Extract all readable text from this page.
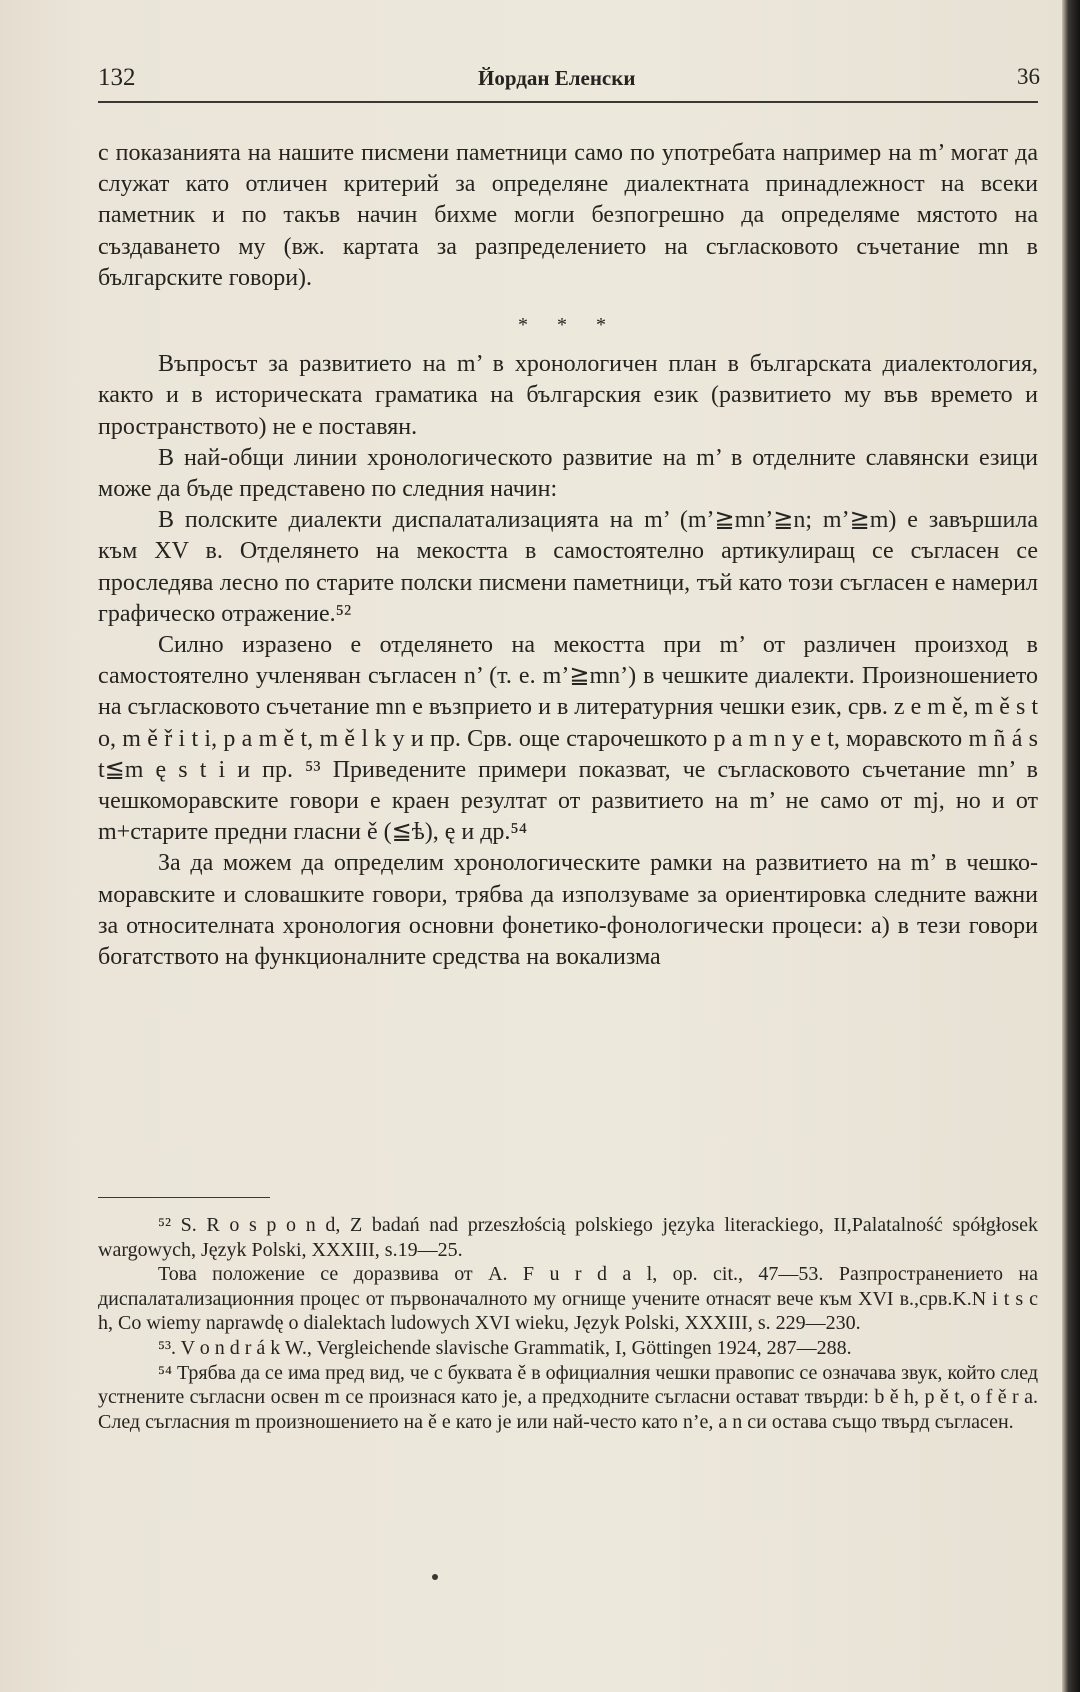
132	Йордан Еленски	36

с показанията на нашите писмени паметници само по употребата например на m’ могат да служат като отличен критерий за определяне диалектната принадлежност на всеки паметник и по такъв начин бихме могли безпогрешно да определяме мястото на създаването му (вж. картата за разпределението на съгласковото съчетание mn в българските говори).

* * *

Въпросът за развитието на m’ в хронологичен план в българската диалектология, както и в историческата граматика на българския език (развитието му във времето и пространството) не е поставян.

В най-общи линии хронологическото развитие на m’ в отделните славянски езици може да бъде представено по следния начин:

В полските диалекти диспалатализацията на m’ (m’≧mn’≧n; m’≧m) е завършила към XV в. Отделянето на мекостта в самостоятелно артикулиращ се съгласен се проследява лесно по старите полски писмени паметници, тъй като този съгласен е намерил графическо отражение.⁵²

Силно изразено е отделянето на мекостта при m’ от различен произход в самостоятелно учленяван съгласен n’ (т. е. m’≧mn’) в чешките диалекти. Произношението на съгласковото съчетание mn е възприето и в литературния чешки език, срв. z e m ě, m ě s t o, m ě ř i t i, p a m ě t, m ě l k y и пр. Срв. още старочешкото p a m n y e t, моравското m ñ á s t≦m ę s t i и пр. ⁵³ Приведените примери показват, че съгласковото съчетание mn’ в чешкоморавските говори е краен резултат от развитието на m’ не само от mj, но и от m+старите предни гласни ě (≦ѣ), ę и др.⁵⁴

За да можем да определим хронологическите рамки на развитието на m’ в чешко-моравските и словашките говори, трябва да използуваме за ориентировка следните важни за относителната хронология основни фонетико-фонологически процеси: а) в тези говори богатството на функционалните средства на вокализма

⁵² S. R o s p o n d, Z badań nad przeszłością polskiego języka literackiego, II,Palatalność spółgłosek wargowych, Język Polski, XXXIII, s.19—25.

Това положение се доразвива от A. F u r d a l, op. cit., 47—53. Разпространението на диспалатализационния процес от първоначалното му огнище учените отнасят вече към XVI в.,срв.K.N i t s c h, Co wiemy naprawdę o dialektach ludowych XVI wieku, Język Polski, XXXIII, s. 229—230.

⁵³. V o n d r á k W., Vergleichende slavische Grammatik, I, Göttingen 1924, 287—288.

⁵⁴ Трябва да се има пред вид, че с буквата ě в официалния чешки правопис се означава звук, който след устнените съгласни освен m се произнася като je, а предходните съгласни остават твърди: b ě h, p ě t, o f ě r a. След съгласния m произношението на ě е като je или най-често като n’e, а n си остава също твърд съгласен.
